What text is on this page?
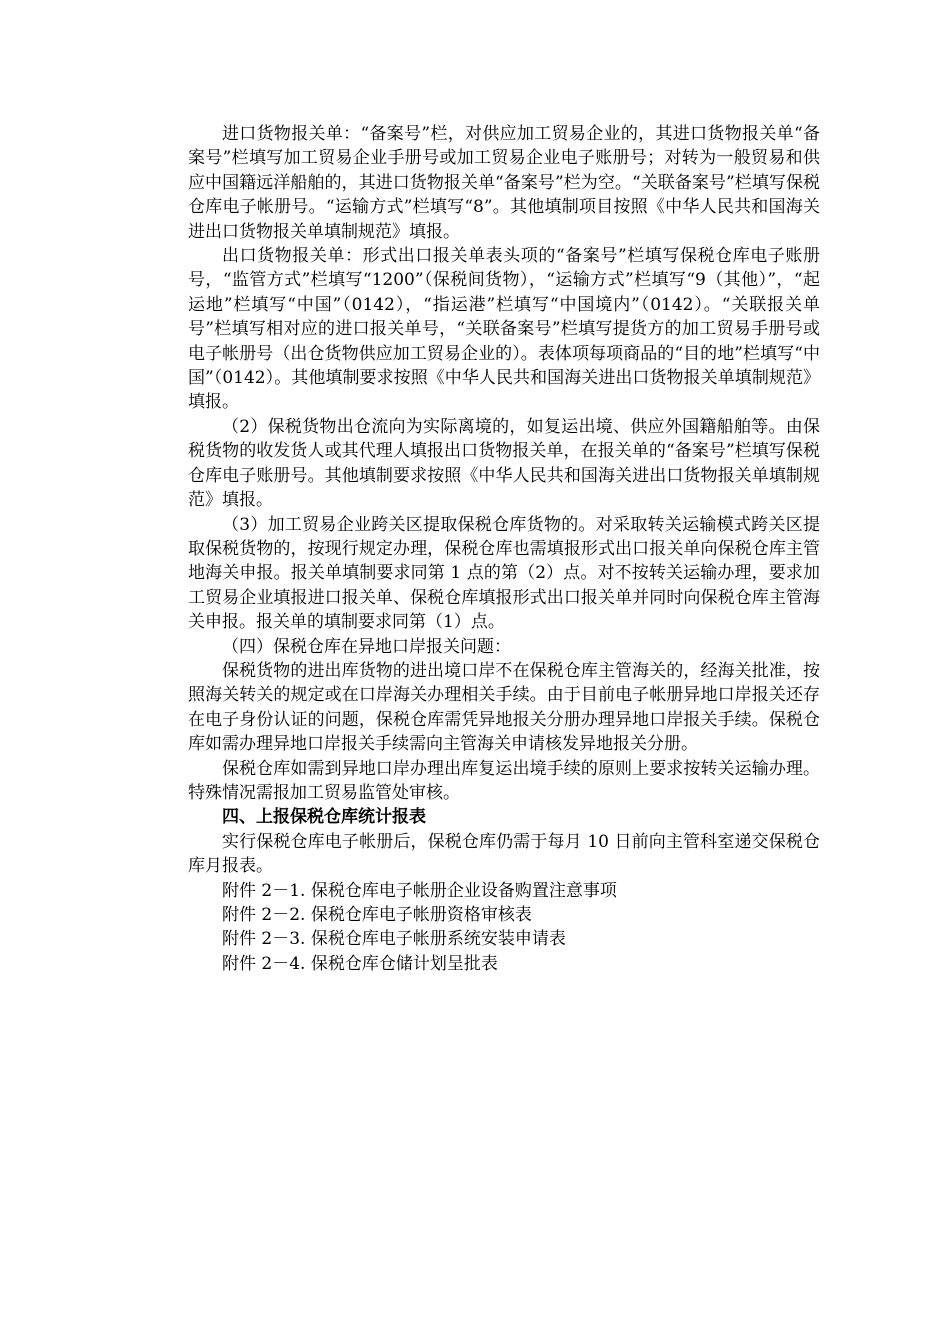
进口货物报关单：“备案号”栏，对供应加工贸易企业的，其进口货物报关单“备案号”栏填写加工贸易企业手册号或加工贸易企业电子账册号；对转为一般贸易和供应中国籍远洋船舶的，其进口货物报关单“备案号”栏为空。“关联备案号”栏填写保税仓库电子帐册号。“运输方式”栏填写“8”。其他填制项目按照《中华人民共和国海关进出口货物报关单填制规范》填报。

出口货物报关单：形式出口报关单表头项的“备案号”栏填写保税仓库电子账册号，“监管方式”栏填写“1200”（保税间货物），“运输方式”栏填写“9（其他）”，“起运地”栏填写“中国”（0142），“指运港”栏填写“中国境内”（0142）。“关联报关单号”栏填写相对应的进口报关单号，“关联备案号”栏填写提货方的加工贸易手册号或电子帐册号（出仓货物供应加工贸易企业的）。表体项每项商品的“目的地”栏填写“中国”（0142）。其他填制要求按照《中华人民共和国海关进出口货物报关单填制规范》填报。

（2）保税货物出仓流向为实际离境的，如复运出境、供应外国籍船舶等。由保税货物的收发货人或其代理人填报出口货物报关单，在报关单的“备案号”栏填写保税仓库电子账册号。其他填制要求按照《中华人民共和国海关进出口货物报关单填制规范》填报。

（3）加工贸易企业跨关区提取保税仓库货物的。对采取转关运输模式跨关区提取保税货物的，按现行规定办理，保税仓库也需填报形式出口报关单向保税仓库主管地海关申报。报关单填制要求同第 1 点的第（2）点。对不按转关运输办理，要求加工贸易企业填报进口报关单、保税仓库填报形式出口报关单并同时向保税仓库主管海关申报。报关单的填制要求同第（1）点。

（四）保税仓库在异地口岸报关问题：

保税货物的进出库货物的进出境口岸不在保税仓库主管海关的，经海关批准，按照海关转关的规定或在口岸海关办理相关手续。由于目前电子帐册异地口岸报关还存在电子身份认证的问题，保税仓库需凭异地报关分册办理异地口岸报关手续。保税仓库如需办理异地口岸报关手续需向主管海关申请核发异地报关分册。

保税仓库如需到异地口岸办理出库复运出境手续的原则上要求按转关运输办理。特殊情况需报加工贸易监管处审核。

四、上报保税仓库统计报表

实行保税仓库电子帐册后，保税仓库仍需于每月 10 日前向主管科室递交保税仓库月报表。

附件 2－1. 保税仓库电子帐册企业设备购置注意事项

附件 2－2. 保税仓库电子帐册资格审核表

附件 2－3. 保税仓库电子帐册系统安装申请表

附件 2－4. 保税仓库仓储计划呈批表
